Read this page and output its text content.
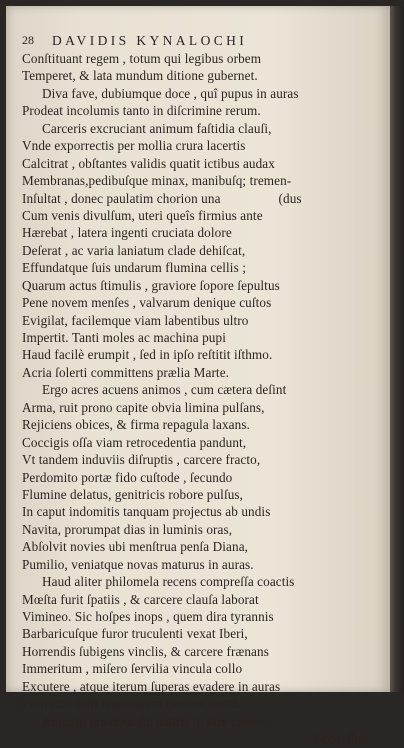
28 DAVIDIS KYNALOCHI
Conſtituant regem , totum qui legibus orbem
Temperet, & lata mundum ditione gubernet.
Diva fave, dubiumque doce , quî pupus in auras
Prodeat incolumis tanto in diſcrimine rerum.
Carceris excruciant animum faſtidia clauſi,
Vnde exporrectis per mollia crura lacertis
Calcitrat , obſtantes validis quatit ictibus audax
Membranas,pedibuſque minax, manibuſq; tremen-
Inſultat , donec paulatim chorion una	(dus
Cum venis divulſum, uteri queîs firmius ante
Hærebat , latera ingenti cruciata dolore
Deſerat , ac varia laniatum clade dehiſcat,
Effundatque ſuis undarum flumina cellis ;
Quarum actus ſtimulis , graviore ſopore ſepultus
Pene novem menſes , valvarum denique cuſtos
Evigilat, facilemque viam labentibus ultro
Impertit. Tanti moles ac machina pupi
Haud facilè erumpit , ſed in ipſo reſtitit iſthmo.
Acria ſolerti committens prælia Marte.
Ergo acres acuens animos , cum cætera deſint
Arma, ruit prono capite obvia limina pulſans,
Rejiciens obices, & firma repagula laxans.
Coccigis oſſa viam retrocedentia pandunt,
Vt tandem induviis diſruptis , carcere fracto,
Perdomito portæ fido cuſtode , ſecundo
Flumine delatus, genitricis robore pulſus,
In caput indomitis tanquam projectus ab undis
Navita, prorumpat dias in luminis oras,
Abſolvit novies ubi menſtrua penſa Diana,
Pumilio, veniatque novas maturus in auras.
Haud aliter philomela recens compreſſa coactis
Mœſta furit ſpatiis , & carcere clauſa laborat
Vimineo. Sic hoſpes inops , quem dira tyrannis
Barbaricuſque furor truculenti vexat Iberi,
Horrendis ſubigens vinclis, & carcere frænans
Immeritum , miſero ſervilia vincula collo
Excutere , atque iterum ſuperas evadere in auras
Perfracto triſti tenebrarum carcere tentat.
Anguſto gravibus ſic matris in utre catenis
Oppreſſus,
